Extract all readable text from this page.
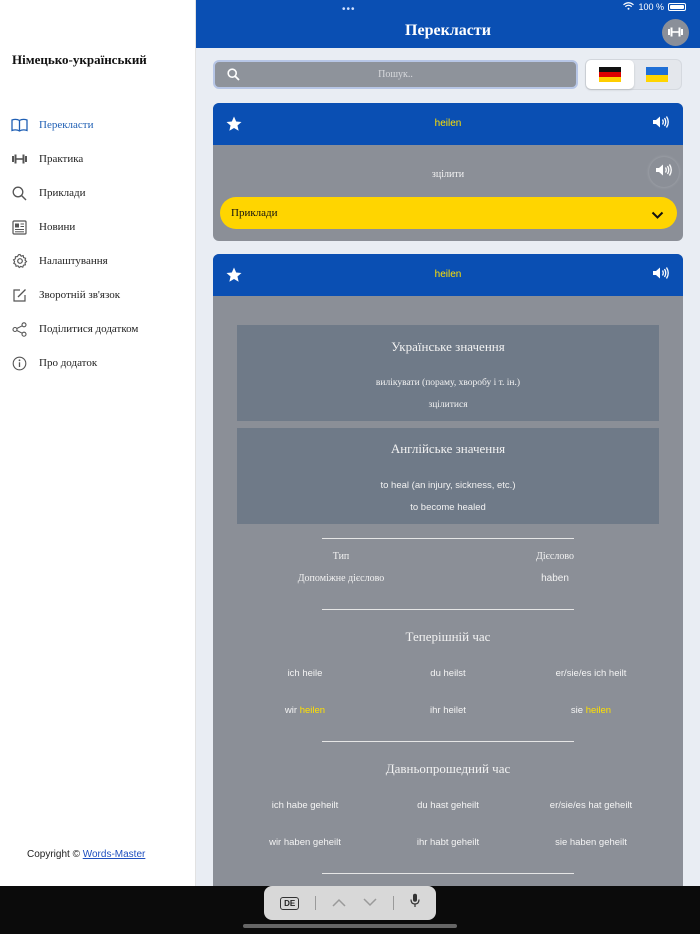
Німецько-український
Перекласти
Практика
Приклади
Новини
Налаштування
Зворотній зв'язок
Поділитися додатком
Про додаток
Copyright © Words-Master
•••
Перекласти
Пошук..
heilen
зцілити
Приклади
heilen
Українське значення
вилікувати (пораму, хворобу і т. ін.)
зцілитися
Англійське значення
to heal (an injury, sickness, etc.)
to become healed
Тип	Дієслово
Допоміжне дієслово	haben
Теперішній час
ich heile	du heilst	er/sie/es ich heilt
wir heilen	ihr heilet	sie heilen
Давньопрошедний час
ich habe geheilt	du hast geheilt	er/sie/es hat geheilt
wir haben geheilt	ihr habt geheilt	sie haben geheilt
100 %
DE
